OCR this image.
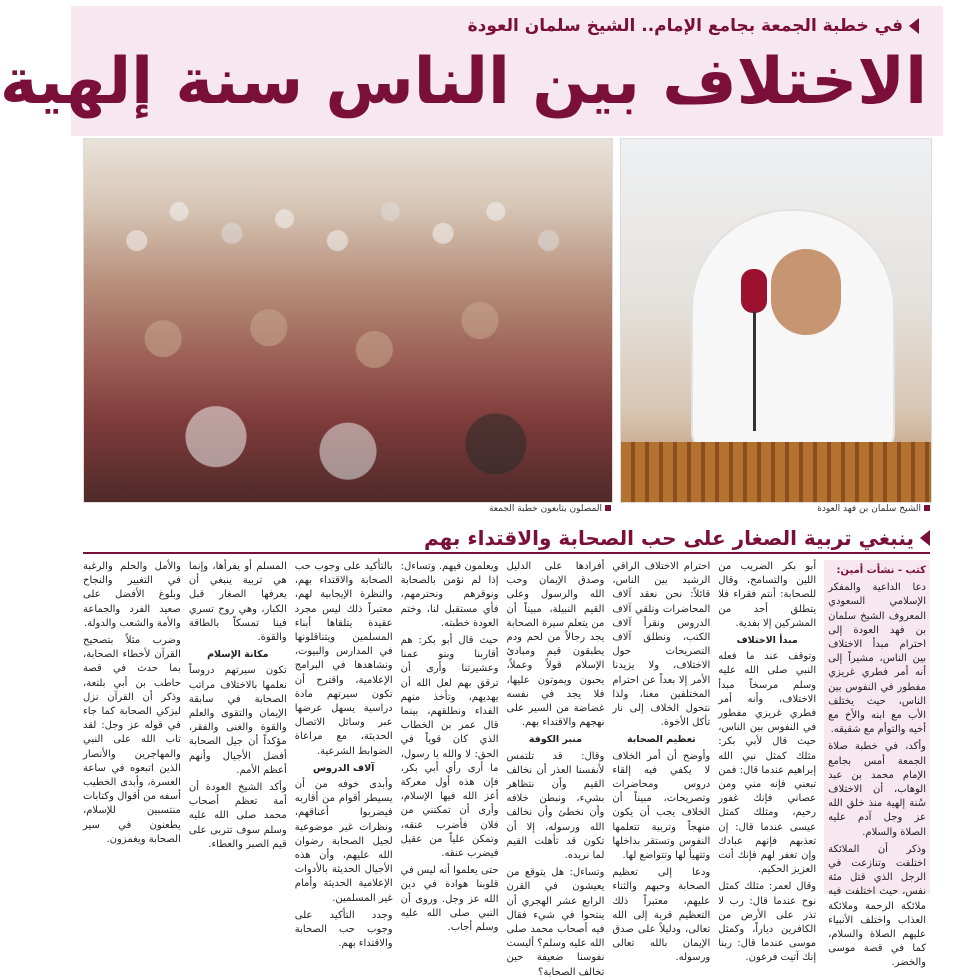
في خطبة الجمعة بجامع الإمام.. الشيخ سلمان العودة
الاختلاف بين الناس سنة إلهية
المصلون يتابعون خطبة الجمعة	الشيخ سلمان بن فهد العودة
ينبغي تربية الصغار على حب الصحابة والاقتداء بهم
كتب - نشأت أمين:

دعا الداعية والمفكر الإسلامي السعودي المعروف الشيخ سلمان بن فهد العودة إلى احترام مبدأ الاختلاف بين الناس، مشيراً إلى أنه أمر فطري غريزي مفطور في النفوس بين الناس، حيث يختلف الأب مع ابنه والأخ مع أخيه والتوأم مع شقيقه.

وأكد، في خطبة صلاة الجمعة أمس بجامع الإمام محمد بن عبد الوهاب، أن الاختلاف سُنة إلهية منذ خلق الله عز وجل آدم عليه الصلاة والسلام.

وذكر أن الملائكة اختلفت وتنازعت في الرجل الذي قتل مئة نفس، حيث اختلفت فيه ملائكة الرحمة وملائكة العذاب واختلف الأنبياء عليهم الصلاة والسلام، كما في قصة موسى والخضر.

أبو بكر الضريب من اللين والتسامح، وقال للصحابة: أنتم فقراء فلا يتطلق أحد من المشركين إلا بفدية.

مبدأ الاختلاف

وتوقف عند ما فعله النبي صلى الله عليه وسلم مرسخاً مبدأ الاختلاف، وأنه أمر فطري غريزي مفطور في النفوس بين الناس، حيث قال لأبي بكر: مثلك كمثل نبي الله إبراهيم عندما قال: فمن تبعني فإنه مني ومن عصاني فإنك غفور رحيم، ومثلك كمثل عيسى عندما قال: إن تعذبهم فإنهم عبادك وإن تغفر لهم فإنك أنت العزيز الحكيم.

وقال لعمر: مثلك كمثل نوح عندما قال: رب لا تذر على الأرض من الكافرين دياراً، وكمثل موسى عندما قال: ربنا إنك آتيت فرعون.

احترام الاختلاف الراقي الرشيد بين الناس، قائلاً: نحن نعقد آلاف المحاضرات ونلقي آلاف الدروس ونقرأ آلاف الكتب، ونطلق آلاف التصريحات حول الاختلاف، ولا يزيدنا الأمر إلا بعداً عن احترام المختلفين معنا، ولذا نتحول الخلاف إلى نار تأكل الأخوة.

تعظيم الصحابة

وأوضح أن أمر الخلاف لا يكفي فيه إلقاء دروس ومحاضرات وتصريحات، مبيناً أن الخلاف يجب أن يكون منهجاً وتربية تتعلمها النفوس وتستقر بداخلها وتتهيأ لها وتتواضع لها.

ودعا إلى تعظيم الصحابة وحبهم والثناء عليهم، معتبراً ذلك التعظيم قربة إلى الله تعالى، ودليلاً على صدق الإيمان بالله تعالى ورسوله.

أفرادها على الدليل وصدق الإيمان وحب الله والرسول وعلى القيم النبيلة، مبيناً أن من يتعلم سيرة الصحابة يجد رجالاً من لحم ودم يطبقون قيم ومبادئ الإسلام قولاً وعملاً، يحبون ويموتون عليها، فلا يجد في نفسه غضاضة من السير على نهجهم والاقتداء بهم.

منبر الكوفة

وقال: قد تلتمس لأنفسنا العذر أن نخالف القيم وأن نتظاهر بشيء، ونبطن خلافه وأن نخطئ وأن نخالف الله ورسوله، إلا أن تكون قد تأهلت القيم لما نريده.

وتساءل: هل يتوقع من يعيشون في القرن الرابع عشر الهجري أن ينتحوا في شيء فقال فيه أصحاب محمد صلى الله عليه وسلم؟ أليست نفوسنا ضعيفة حين تخالف الصحابة؟

ويعلمون فيهم. وتساءل: إذا لم نؤمن بالصحابة ونوقرهم ونحترمهم، فأي مستقبل لنا، وختم العودة خطبته.

حيث قال أبو بكر: هم أقاربنا وبنو عمنا وعشيرتنا وأرى أن ترقق بهم لعل الله أن يهديهم، وتأخذ منهم الفداء ونطلقهم، بينما قال عمر بن الخطاب الذي كان قوياً في الحق: لا والله يا رسول، ما أرى رأي أبي بكر، فإن هذه أول معركة أعز الله فيها الإسلام، وأرى أن تمكنني من فلان فأضرب عنقه، وتمكن علياً من عقيل فيضرب عنقه.

حتى يعلموا أنه ليس في قلوبنا هوادة في دين الله عز وجل. وروى أن النبي صلى الله عليه وسلم أجاب.

بالتأكيد على وجوب حب الصحابة والاقتداء بهم، والنظرة الإيجابية لهم، معتبراً ذلك ليس مجرد عقيدة يتلقاها أبناء المسلمين ويتناقلونها في المدارس والبيوت، ونشاهدها في البرامج الإعلامية، واقترح أن تكون سيرتهم مادة دراسية يسهل عرضها عبر وسائل الاتصال الحديثة، مع مراعاة الضوابط الشرعية.

آلاف الدروس

وأبدى خوفه من أن يسيطر أقوام من أقاربه فيضربوا أعناقهم، ونظرات غير موضوعية لجيل الصحابة رضوان الله عليهم، وأن هذه الأجيال الحديثة بالأدوات الإعلامية الحديثة وأمام غير المسلمين.

وجدد التأكيد على وجوب حب الصحابة والاقتداء بهم.

المسلم أو يفرأها، وإنما هي تربية ينبغي أن يعرفها الصغار قبل الكبار، وهي روح تسري فينا تمسكاً بالطاقة والقوة.

مكانة الإسلام

تكون سيرتهم دروساً نعلمها بالاختلاف مراتب الصحابة في سابقة الإيمان والتقوى والعلم والقوة والغنى والفقر، مؤكداً أن جيل الصحابة أفضل الأجيال وأنهم أعظم الأمم.

وأكد الشيخ العودة أن أمة تعظم أصحاب محمد صلى الله عليه وسلم سوف تتربى على قيم الصبر والعطاء.

والأمل والحلم والرغبة في التغيير والنجاح وبلوغ الأفضل على صعيد الفرد والجماعة والأمة والشعب والدولة.

وضرب مثلاً بتصحيح القرآن لأخطاء الصحابة، بما حدث في قصة حاطب بن أبي بلتعة، وذكر أن القرآن نزل ليزكي الصحابة كما جاء في قوله عز وجل: لقد تاب الله على النبي والمهاجرين والأنصار الذين اتبعوه في ساعة العسرة، وأبدى الخطيب أسفه من أقوال وكتابات منتسبين للإسلام، يطعنون في سير الصحابة ويغمزون.
